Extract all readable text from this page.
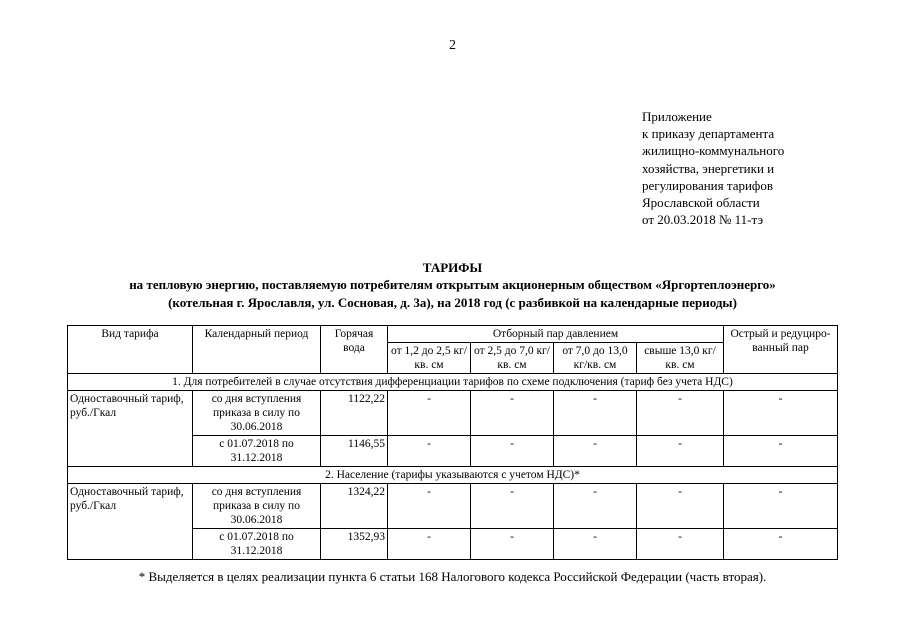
2
Приложение
к приказу департамента
жилищно-коммунального
хозяйства, энергетики и
регулирования тарифов
Ярославской области
от 20.03.2018 № 11-тэ
ТАРИФЫ
на тепловую энергию, поставляемую потребителям открытым акционерным обществом «Яргортеплоэнерго»
(котельная г. Ярославля, ул. Сосновая, д. 3а), на 2018 год (с разбивкой на календарные периоды)
Вид тарифа	Календарный период	Горячая вода	Отборный пар давлением				Острый и редуциро-ванный пар
			от 1,2 до 2,5 кг/кв. см	от 2,5 до 7,0 кг/кв. см	от 7,0 до 13,0 кг/кв. см	свыше 13,0 кг/кв. см	
1. Для потребителей в случае отсутствия дифференциации тарифов по схеме подключения (тариф без учета НДС)							
Одноставочный тариф, руб./Гкал	со дня вступления приказа в силу по 30.06.2018	1122,22	-	-	-	-	-
	с 01.07.2018 по 31.12.2018	1146,55	-	-	-	-	-
2. Население (тарифы указываются с учетом НДС)*							
Одноставочный тариф, руб./Гкал	со дня вступления приказа в силу по 30.06.2018	1324,22	-	-	-	-	-
	с 01.07.2018 по 31.12.2018	1352,93	-	-	-	-	-
* Выделяется в целях реализации пункта 6 статьи 168 Налогового кодекса Российской Федерации (часть вторая).
